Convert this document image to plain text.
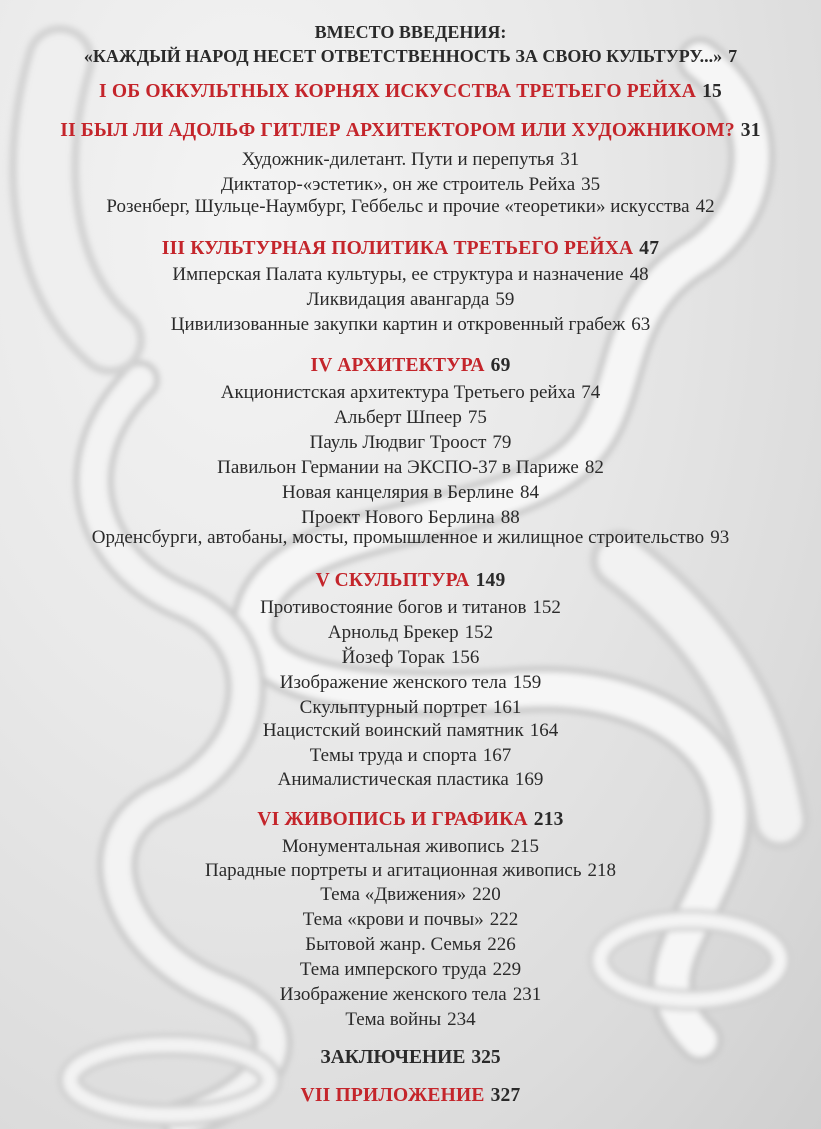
ВМЕСТО ВВЕДЕНИЯ:
«КАЖДЫЙ НАРОД НЕСЕТ ОТВЕТСТВЕННОСТЬ ЗА СВОЮ КУЛЬТУРУ...» 7
I ОБ ОККУЛЬТНЫХ КОРНЯХ ИСКУССТВА ТРЕТЬЕГО РЕЙХА 15
II БЫЛ ЛИ АДОЛЬФ ГИТЛЕР АРХИТЕКТОРОМ ИЛИ ХУДОЖНИКОМ? 31
Художник-дилетант. Пути и перепутья 31
Диктатор-«эстетик», он же строитель Рейха 35
Розенберг, Шульце-Наумбург, Геббельс и прочие «теоретики» искусства 42
III КУЛЬТУРНАЯ ПОЛИТИКА ТРЕТЬЕГО РЕЙХА 47
Имперская Палата культуры, ее структура и назначение 48
Ликвидация авангарда 59
Цивилизованные закупки картин и откровенный грабеж 63
IV АРХИТЕКТУРА 69
Акционистская архитектура Третьего рейха 74
Альберт Шпеер 75
Пауль Людвиг Троост 79
Павильон Германии на ЭКСПО-37 в Париже 82
Новая канцелярия в Берлине 84
Проект Нового Берлина 88
Орденсбурги, автобаны, мосты, промышленное и жилищное строительство 93
V СКУЛЬПТУРА 149
Противостояние богов и титанов 152
Арнольд Брекер 152
Йозеф Торак 156
Изображение женского тела 159
Скульптурный портрет 161
Нацистский воинский памятник 164
Темы труда и спорта 167
Анималистическая пластика 169
VI ЖИВОПИСЬ И ГРАФИКА 213
Монументальная живопись 215
Парадные портреты и агитационная живопись 218
Тема «Движения» 220
Тема «крови и почвы» 222
Бытовой жанр. Семья 226
Тема имперского труда 229
Изображение женского тела 231
Тема войны 234
ЗАКЛЮЧЕНИЕ 325
VII ПРИЛОЖЕНИЕ 327
